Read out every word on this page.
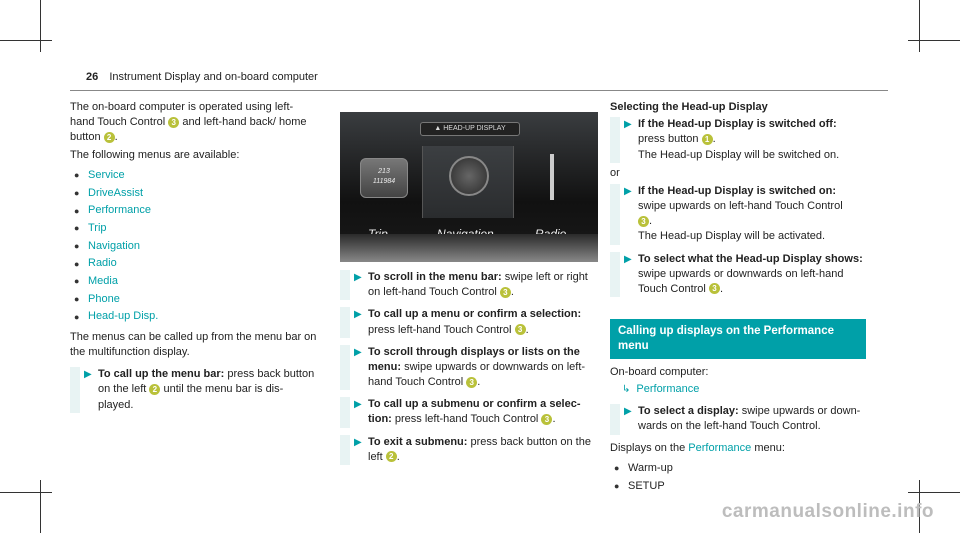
26 Instrument Display and on-board computer

The on-board computer is operated using left- hand Touch Control 3 and left-hand back/ home button 2 .

The following menus are available:

● Service
● DriveAssist
● Performance
● Trip
● Navigation
● Radio
● Media
● Phone
● Head-up Disp.

The menus can be called up from the menu bar on the multifunction display.

▶ To call up the menu bar: press back button on the left 2 until the menu bar is dis- played.
▲ HEAD-UP DISPLAY
213
111984
▶ To scroll in the menu bar: swipe left or right on left-hand Touch Control 3 .
▶ To call up a menu or confirm a selection: press left-hand Touch Control 3 .
▶ To scroll through displays or lists on the menu: swipe upwards or downwards on left-hand Touch Control 3 .
▶ To call up a submenu or confirm a selec- tion: press left-hand Touch Control 3 .
▶ To exit a submenu: press back button on the left 2 .

Selecting the Head-up Display

▶ If the Head-up Display is switched off:
press button 1 .
The Head-up Display will be switched on.

or

▶ If the Head-up Display is switched on:
swipe upwards on left-hand Touch Control
3 .
The Head-up Display will be activated.
▶ To select what the Head-up Display shows: swipe upwards or downwards on left-hand Touch Control 3 .
Calling up displays on the Performance menu

On-board computer:

↳ Performance
▶ To select a display: swipe upwards or down-wards on the left-hand Touch Control.

Displays on the Performance menu:

● Warm-up
● SETUP
carmanualsonline.info
